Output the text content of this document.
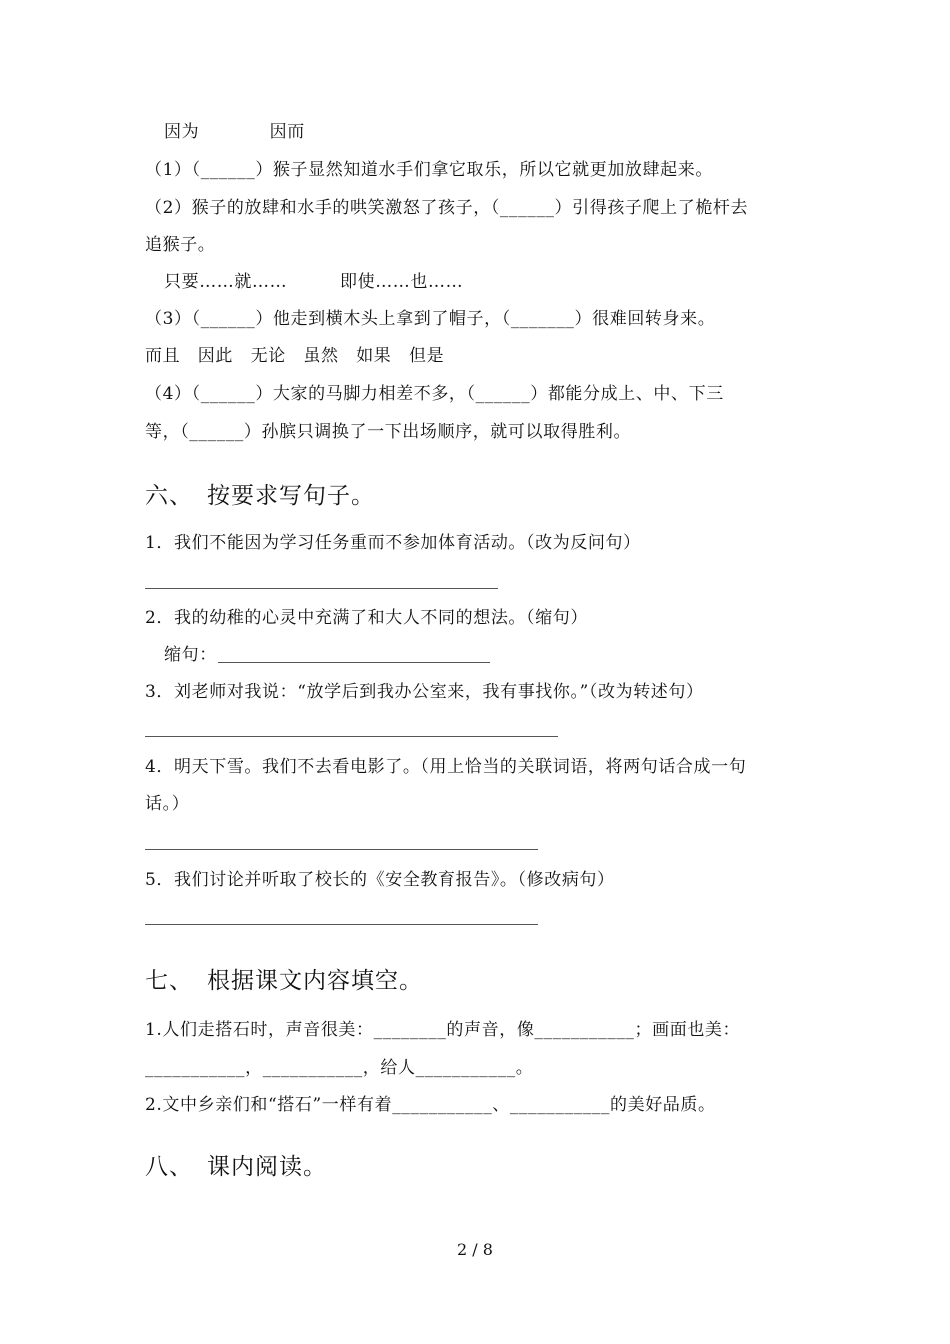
因为　　　　因而
（1）（______）猴子显然知道水手们拿它取乐，所以它就更加放肆起来。
（2）猴子的放肆和水手的哄笑激怒了孩子，（______）引得孩子爬上了桅杆去
追猴子。
只要……就……　　　即使……也……
（3）（______）他走到横木头上拿到了帽子，（_______）很难回转身来。
而且　因此　无论　虽然　如果　但是
（4）（______）大家的马脚力相差不多，（______）都能分成上、中、下三
等，（______）孙膑只调换了一下出场顺序，就可以取得胜利。
六、 按要求写句子。
1．我们不能因为学习任务重而不参加体育活动。（改为反问句）
2．我的幼稚的心灵中充满了和大人不同的想法。（缩句）
缩句：
3．刘老师对我说：“放学后到我办公室来，我有事找你。”（改为转述句）
4．明天下雪。我们不去看电影了。（用上恰当的关联词语，将两句话合成一句
话。）
5．我们讨论并听取了校长的《安全教育报告》。（修改病句）
七、 根据课文内容填空。
1.人们走搭石时，声音很美：________的声音，像___________；画面也美：
___________，___________，给人___________。
2.文中乡亲们和“搭石”一样有着___________、___________的美好品质。
八、 课内阅读。
2 / 8
